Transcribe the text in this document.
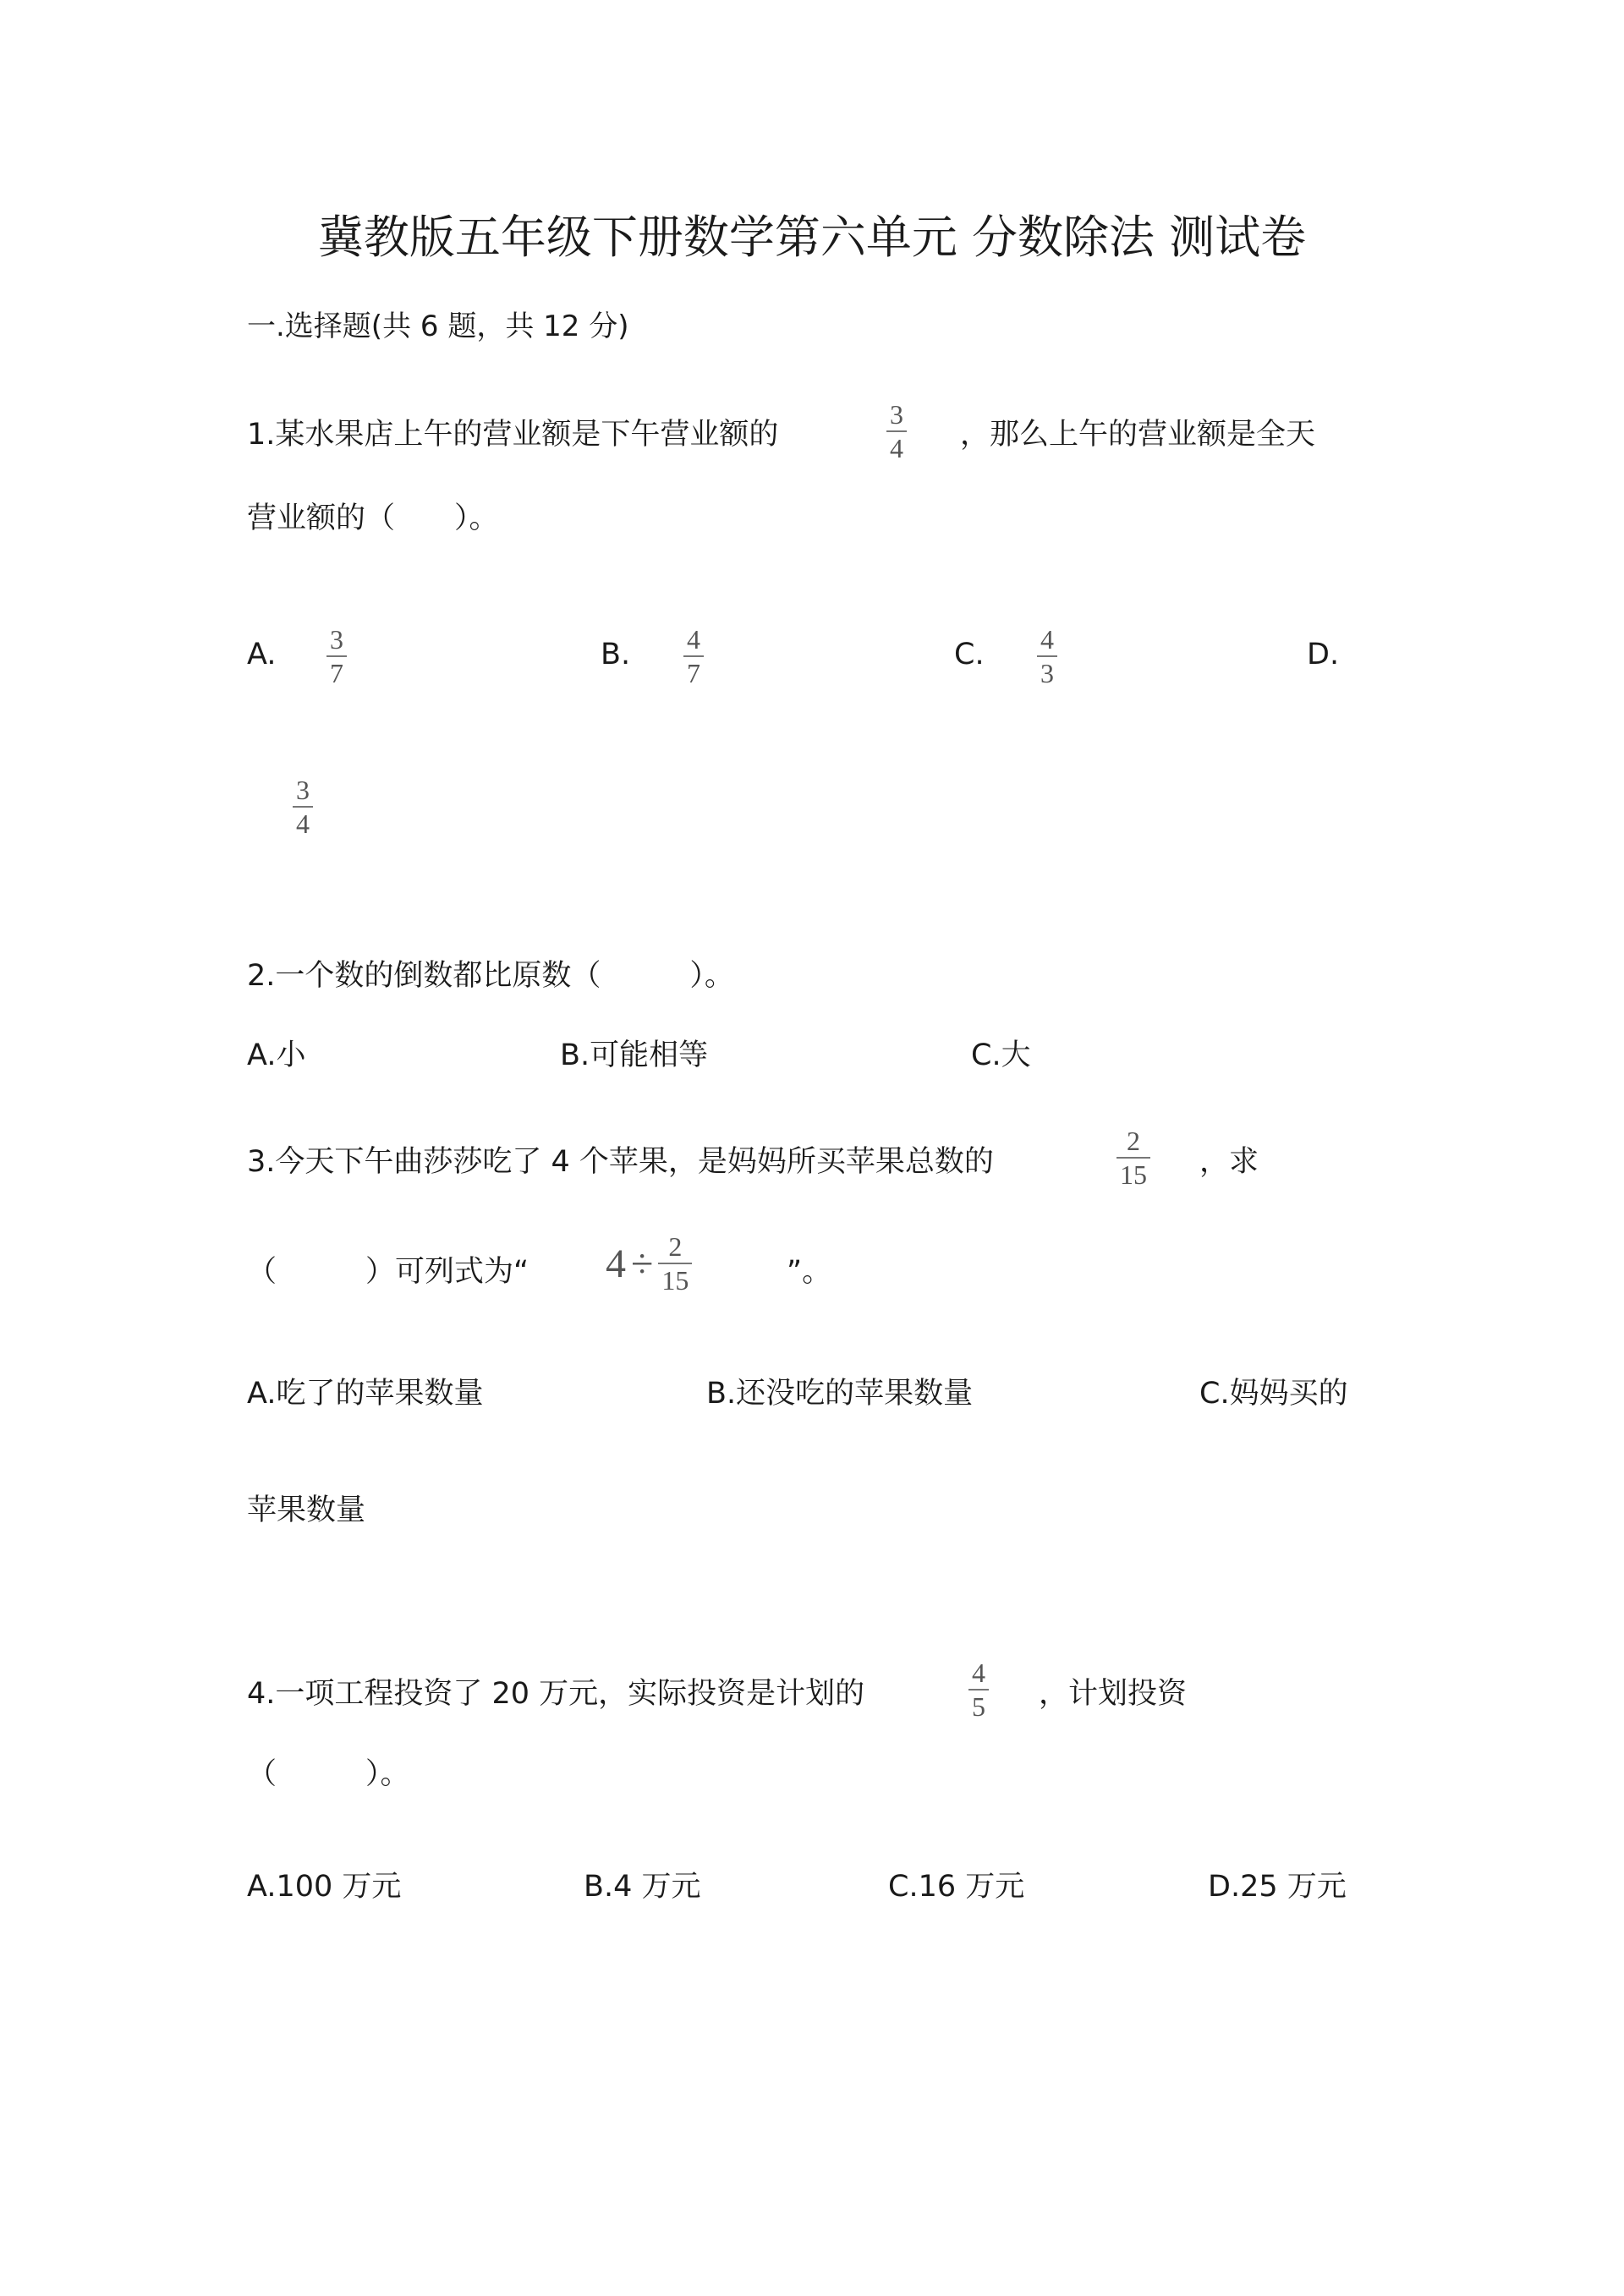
冀教版五年级下册数学第六单元 分数除法 测试卷
一.选择题(共 6 题，共 12 分)
1.某水果店上午的营业额是下午营业额的	$\frac{3}{4}$ ，那么上午的营业额是全天
营业额的（　　）。
A. $\frac{3}{7}$	B. $\frac{4}{7}$	C. $\frac{4}{3}$	D.
$\frac{3}{4}$
2.一个数的倒数都比原数（　　　）。
A.小	B.可能相等	C.大
3.今天下午曲莎莎吃了 4 个苹果，是妈妈所买苹果总数的	$\frac{2}{15}$ ，求
（　　　）可列式为“ $4 \div \frac{2}{15}$	”。
A.吃了的苹果数量	B.还没吃的苹果数量	C.妈妈买的
苹果数量
4.一项工程投资了 20 万元，实际投资是计划的	$\frac{4}{5}$ ，计划投资
（　　　）。
A.100 万元	B.4 万元	C.16 万元	D.25 万元
